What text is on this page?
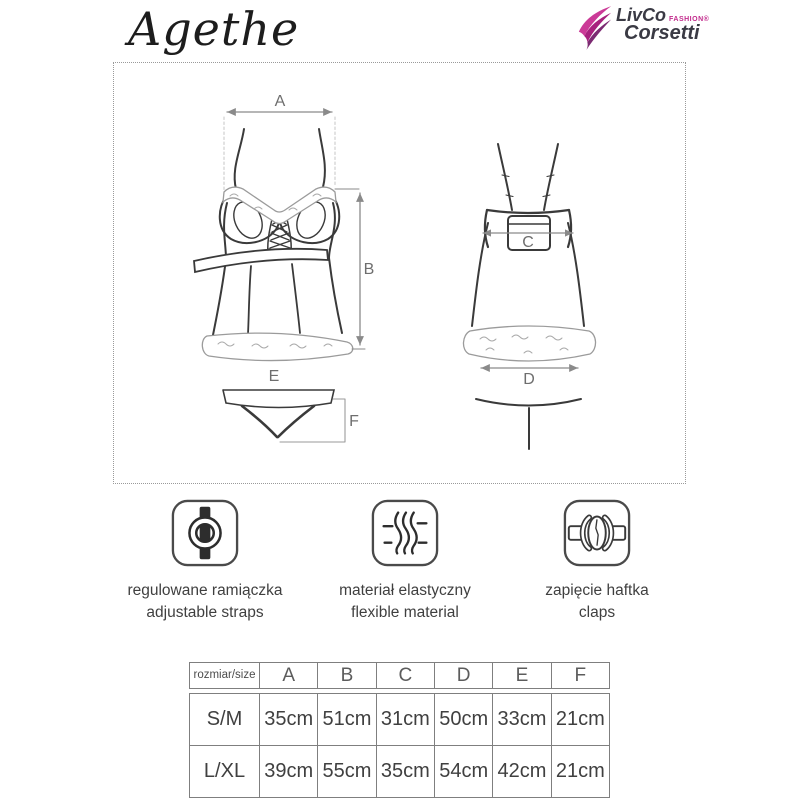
Agethe	LivCo FASHION®
Corsetti
A
B
C
D
E
F
regulowane ramiączka
adjustable straps
materiał elastyczny
flexible material
zapięcie haftka
claps
rozmiar/size	A	B	C	D	E	F
S/M	35cm 51cm 31cm 50cm 33cm 21cm
L/XL 39cm 55cm 35cm 54cm 42cm 21cm
